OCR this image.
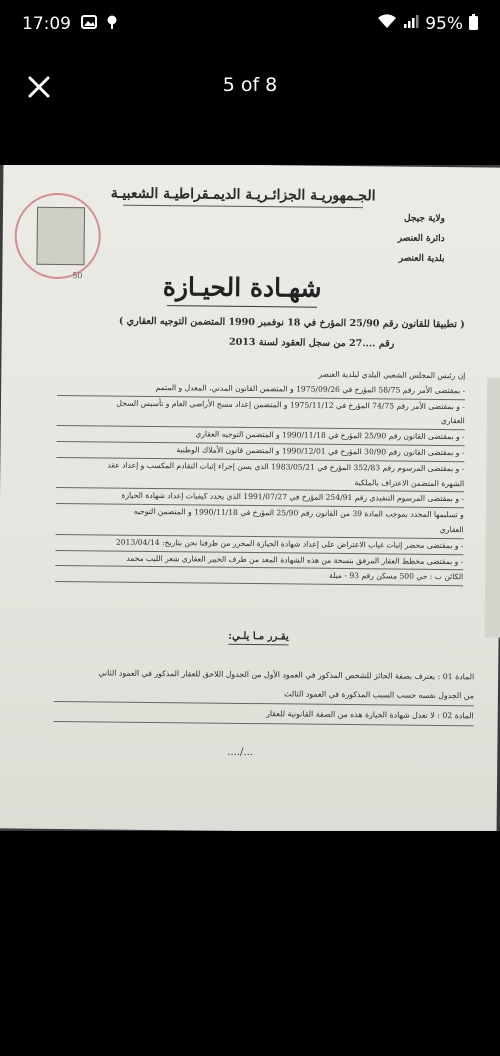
17:09	95%
5 of 8
50
الجـمهوريـة الجزائـريـة الديمـقراطيـة الشعبيـة
ولاية جيجل
دائرة العنصر
بلدية العنصر
شهـادة الحيـازة
( تطبيقا للقانون رقم 25/90 المؤرخ في 18 نوفمبر 1990 المتضمن التوجيه العقاري )
رقم ....27 من سجل العقود لسنة 2013
إن رئيس المجلس الشعبي البلدي لبلدية العنصر
- بمقتضى الأمر رقم 58/75 المؤرخ في 1975/09/26 و المتضمن القانون المدني، المعدل و المتمم
- و بمقتضى الأمر رقم 74/75 المؤرخ في 1975/11/12 و المتضمن إعداد مسح الأراضي العام و تأسيس السجل
العقاري
- و بمقتضى القانون رقم 25/90 المؤرخ في 1990/11/18 و المتضمن التوجيه العقاري
- و بمقتضى القانون رقم 30/90 المؤرخ في 1990/12/01 و المتضمن قانون الأملاك الوطنية
- و بمقتضى المرسوم رقم 352/83 المؤرخ في 1983/05/21 الذي يسن إجراء إثبات التقادم المكسب و إعداد عقد
الشهرة المتضمن الاعتراف بالملكية
- و بمقتضى المرسوم التنفيذي رقم 254/91 المؤرخ في 1991/07/27 الذي يحدد كيفيات إعداد شهادة الحيازة
و تسليمها المحدد بموجب المادة 39 من القانون رقم 25/90 المؤرخ في 1990/11/18 و المتضمن التوجيه
العقاري
- و بمقتضى محضر إثبات غياب الاعتراض على إعداد شهادة الحيازة المحرر من طرفنا نحن بتاريخ: 2013/04/14
- و بمقتضى مخطط العقار المرفق بنسخة من هذه الشهادة المعد من طرف الخبير العقاري شعر الليب محمد
الكائن ب : حي 500 مسكن رقم 93 - ميلة
يقـرر مـا يلـي:
المادة 01 : يعترف بصفة الحائز للشخص المذكور في العمود الأول من الجدول اللاحق للعقار المذكور في العمود الثاني
من الجدول نفسه حسب السبب المذكورة في العمود الثالث
المادة 02 : لا تعدل شهادة الحيازة هذه من الصفة القانونية للعقار
..../...
